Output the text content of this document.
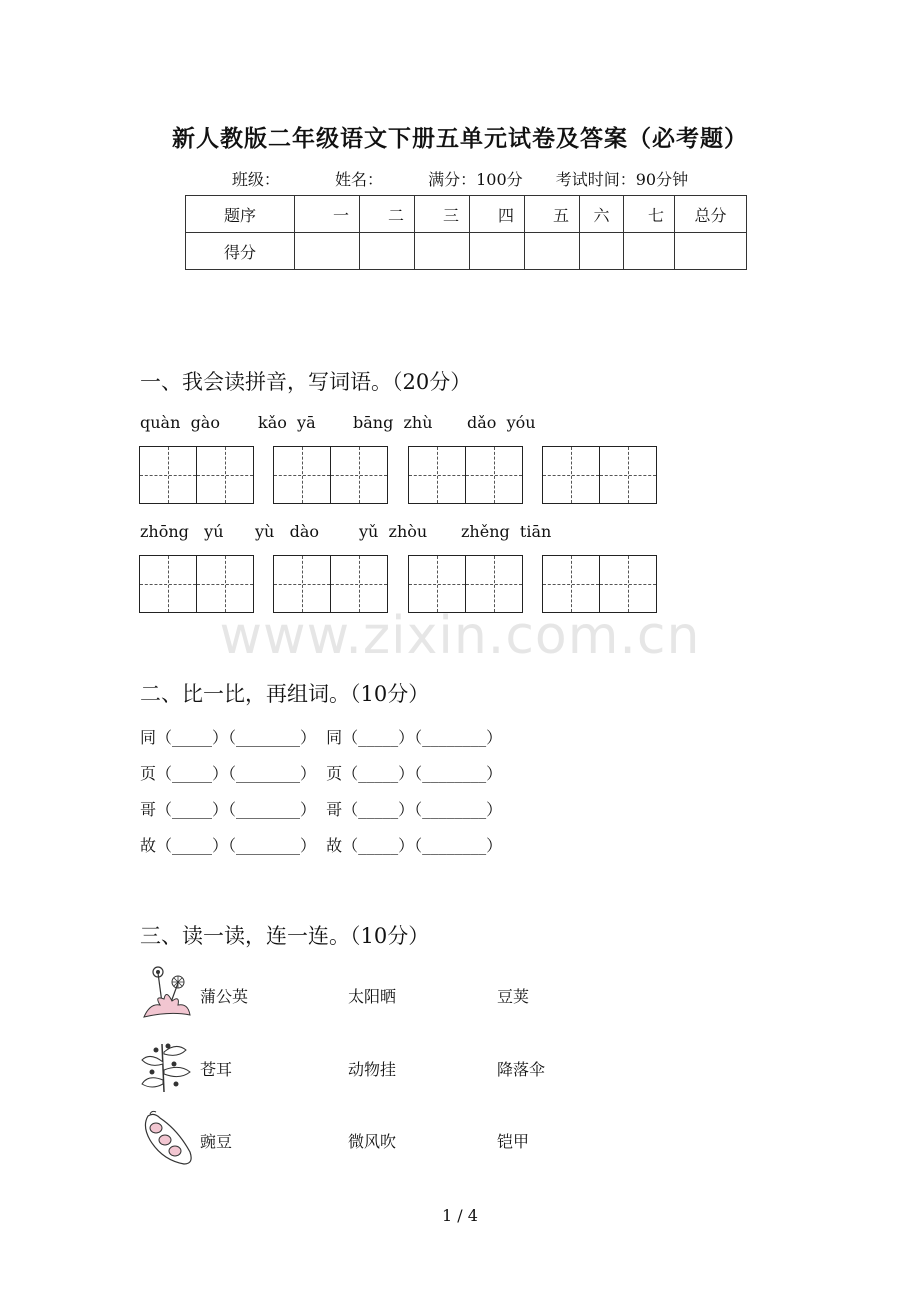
新人教版二年级语文下册五单元试卷及答案（必考题）
班级：	姓名：	满分：100分 考试时间：90分钟
题序	一	二	三	四	五	六	七	总分
得分								
一、我会读拼音，写词语。（20分）
quàn  gào kǎo  yā bāng  zhù dǎo  yóu
zhōng   yú yù   dào yǔ  zhòu zhěng  tiān
www.zixin.com.cn
二、比一比，再组词。（10分）
同（_____）（________）  同（_____）（________）
页（_____）（________）  页（_____）（________）
哥（_____）（________）  哥（_____）（________）
故（_____）（________）  故（_____）（________）
三、读一读，连一连。（10分）
蒲公英	太阳晒	豆荚
苍耳	动物挂	降落伞
豌豆	微风吹	铠甲
1 / 4
